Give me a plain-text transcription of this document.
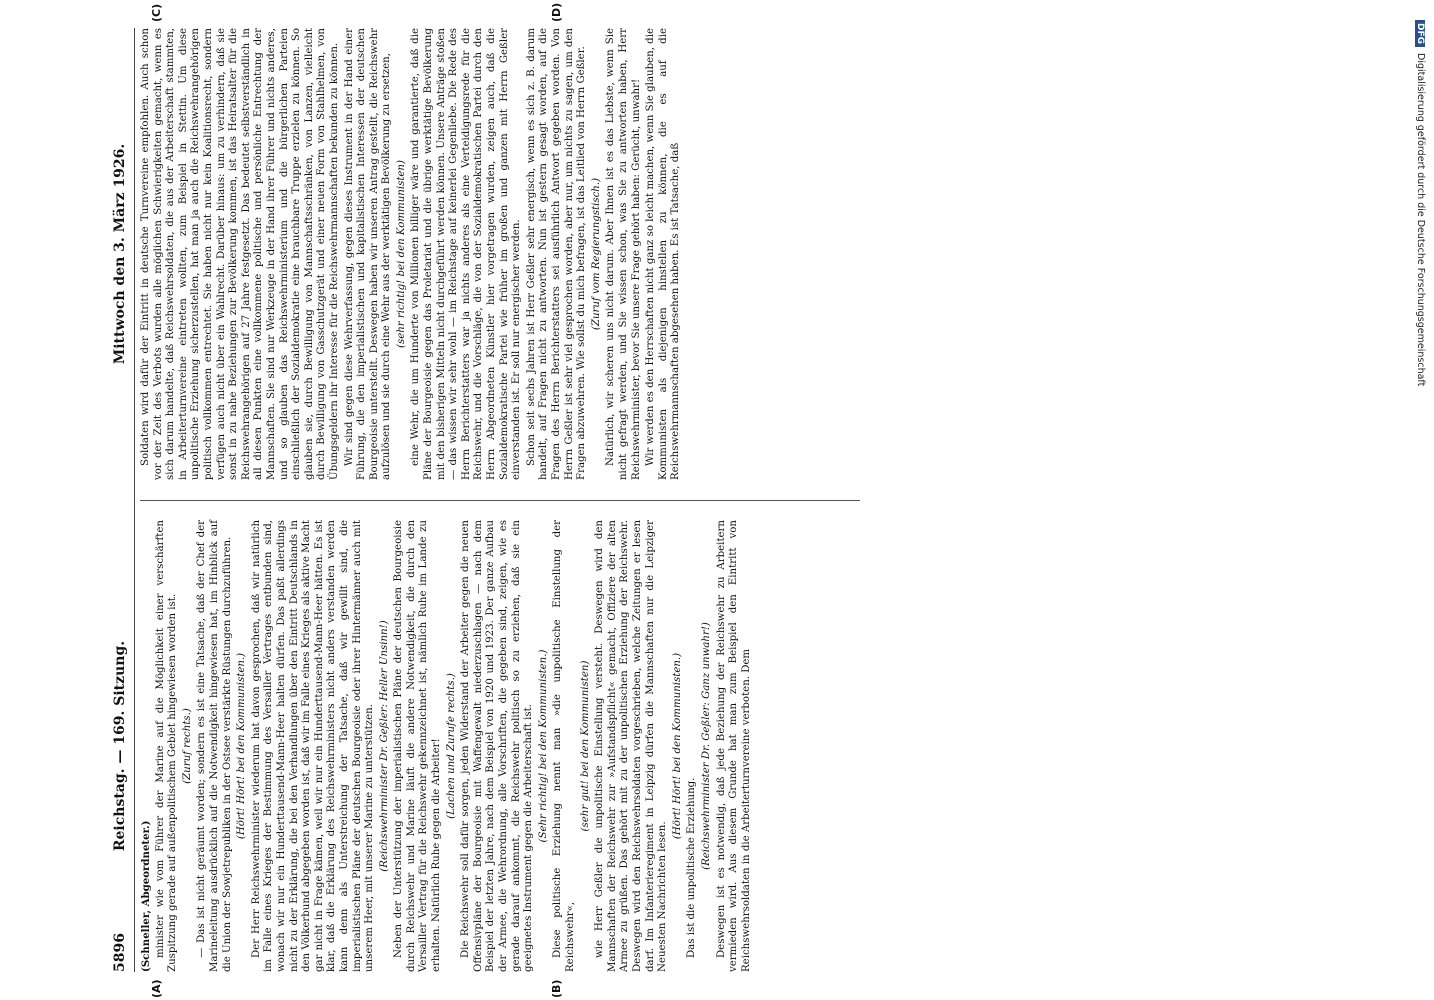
5896
Reichstag. — 169. Sitzung.
Mittwoch den 3. März 1926.

(Schneller, Abgeordneter.) minister wie vom Führer der Marine auf die Möglichkeit einer verschärften Zuspitzung gerade auf außenpolitischem Gebiet hingewiesen worden ist. (Zuruf rechts.) — Das ist nicht geräumt worden; sondern es ist eine Tatsache, daß der Chef der Marineleitung ausdrücklich auf die Notwendigkeit hingewiesen hat, im Hinblick auf die Union der Sowjetrepubliken in der Ostsee verstärkte Rüstungen durchzuführen. (Hört! Hört! bei den Kommunisten.) Der Herr Reichswehrminister wiederum hat davon gesprochen, daß wir natürlich im Falle eines Krieges der Bestimmung des Versailler Vertrages entbunden sind, wonach wir nur ein Hunderttausend-Mann-Heer halten dürfen. Das paßt allerdings nicht zu der Erklärung, die bei den Verhandlungen über den Eintritt Deutschlands in den Völkerbund abgegeben worden ist, daß wir im Falle eines Krieges als aktive Macht gar nicht in Frage kämen, weil wir nur ein Hunderttausend-Mann-Heer hätten. Es ist klar, daß die Erklärung des Reichswehrministers nicht anders verstanden werden kann denn als Unterstreichung der Tatsache, daß wir gewillt sind, die imperialistischen Pläne der deutschen Bourgeoisie oder ihrer Hintermänner auch mit unserem Heer, mit unserer Marine zu unterstützen. (Reichswehrminister Dr. Geßler: Heller Unsinn!) Neben der Unterstützung der imperialistischen Pläne der deutschen Bourgeoisie durch Reichswehr und Marine läuft die andere Notwendigkeit, die durch den Versailler Vertrag für die Reichswehr gekennzeichnet ist, nämlich Ruhe im Lande zu erhalten. Natürlich Ruhe gegen die Arbeiter! (Lachen und Zurufe rechts.) Die Reichswehr soll dafür sorgen, jeden Widerstand der Arbeiter gegen die neuen Offensivpläne der Bourgeoisie mit Waffengewalt niederzuschlagen — nach dem Beispiel der letzten Jahre, nach dem Beispiel von 1920 und 1923. Der ganze Aufbau der Armee, die Wehrordnung, alle Vorschriften, die gegeben sind, zeigen, wie es gerade darauf ankommt, die Reichswehr politisch so zu erziehen, daß sie ein geeignetes Instrument gegen die Arbeiterschaft ist. (Sehr richtig! bei den Kommunisten.) Diese politische Erziehung nennt man »die unpolitische Einstellung der Reichswehr«,

(sehr gut! bei den Kommunisten) wie Herr Geßler die unpolitische Einstellung versteht. Deswegen wird den Mannschaften der Reichswehr zur »Aufstandspflicht« gemacht, Offiziere der alten Armee zu grüßen. Das gehört mit zu der unpolitischen Erziehung der Reichswehr. Deswegen wird den Reichswehrsoldaten vorgeschrieben, welche Zeitungen er lesen darf. Im Infanterieregiment in Leipzig dürfen die Mannschaften nur die Leipziger Neuesten Nachrichten lesen.

(Hört! Hört! bei den Kommunisten.)

Das ist die unpolitische Erziehung. (Reichswehrminister Dr. Geßler: Ganz unwahr!) Deswegen ist es notwendig, daß jede Beziehung der Reichswehr zu Arbeitern vermieden wird. Aus diesem Grunde hat man zum Beispiel den Eintritt von Reichswehrsoldaten in die Arbeiterturnvereine verboten. Dem

Soldaten wird dafür der Eintritt in deutsche Turnvereine empfohlen. Auch schon vor der Zeit des Verbots wurden alle möglichen Schwierigkeiten gemacht, wenn es sich darum handelte, daß Reichswehrsoldaten, die aus der Arbeiterschaft stammten, in Arbeiterturnvereine eintreten wollten, zum Beispiel in Stettin. Um diese unpolitische Erziehung sicherzustellen, hat man ja auch die Reichswehrangehörigen politisch vollkommen entrechtet. Sie haben nicht nur kein Koalitionsrecht, sondern verfügen auch nicht über ein Wahlrecht. Darüber hinaus: um zu verhindern, daß sie sonst in zu nahe Beziehungen zur Bevölkerung kommen, ist das Heiratsalter für die Reichswehrangehörigen auf 27 Jahre festgesetzt. Das bedeutet selbstverständlich in all diesen Punkten eine vollkommene politische und persönliche Entrechtung der Mannschaften. Sie sind nur Werkzeuge in der Hand ihrer Führer und nichts anderes, und so glauben das Reichswehrministerium und die bürgerlichen Parteien einschließlich der Sozialdemokratie eine brauchbare Truppe erzielen zu können. So glauben sie, durch Bewilligung von Mannschaftsschränken, von Lanzen, vielleicht durch Bewilligung von Gasschutzgerät und einer neuen Form von Stahlhelmen, von Übungsgeldern ihr Interesse für die Reichswehrmannschaften bekunden zu können. Wir sind gegen diese Wehrverfassung, gegen dieses Instrument in der Hand einer Führung, die den imperialistischen und kapitalistischen Interessen der deutschen Bourgeoisie unterstellt. Deswegen haben wir unseren Antrag gestellt, die Reichswehr aufzulösen und sie durch eine Wehr aus der werktätigen Bevölkerung zu ersetzen, (sehr richtig! bei den Kommunisten) eine Wehr, die um Hunderte von Millionen billiger wäre und garantierte, daß die Pläne der Bourgeoisie gegen das Proletariat und die übrige werktätige Bevölkerung mit den bisherigen Mitteln nicht durchgeführt werden können. Unsere Anträge stoßen — das wissen wir sehr wohl — im Reichstage auf keinerlei Gegenliebe. Die Rede des Herrn Berichterstatters war ja nichts anderes als eine Verteidigungsrede für die Reichswehr, und die Vorschläge, die von der Sozialdemokratischen Partei durch den Herrn Abgeordneten Künstler hier vorgetragen wurden, zeigen auch, daß die Sozialdemokratische Partei wie früher im großen und ganzen mit Herrn Geßler einverstanden ist. Er soll nur energischer werden. Schon seit sechs Jahren ist Herr Geßler sehr energisch, wenn es sich z. B. darum handelt, auf Fragen nicht zu antworten. Nun ist gestern gesagt worden, auf die Fragen des Herrn Berichterstatters sei ausführlich Antwort gegeben worden. Von Herrn Geßler ist sehr viel gesprochen worden, aber nur, um nichts zu sagen, um den Fragen abzuwehren. Wie sollst du mich befragen, ist das Leitlied von Herrn Geßler. (Zuruf vom Regierungstisch.) Natürlich, wir scheren uns nicht darum. Aber Ihnen ist es das Liebste, wenn Sie nicht gefragt werden, und Sie wissen schon, was Sie zu antworten haben, Herr Reichswehrminister, bevor Sie unsere Frage gehört haben: Gerücht, unwahr! Wir werden es den Herrschaften nicht ganz so leicht machen, wenn Sie glauben, die Kommunisten als diejenigen hinstellen zu können, die es auf die Reichswehrmannschaften abgesehen haben. Es ist Tatsache, daß

(A)	(B)
(C)	(D)
DFGDigitalisierung gefördert durch die Deutsche Forschungsgemeinschaft
